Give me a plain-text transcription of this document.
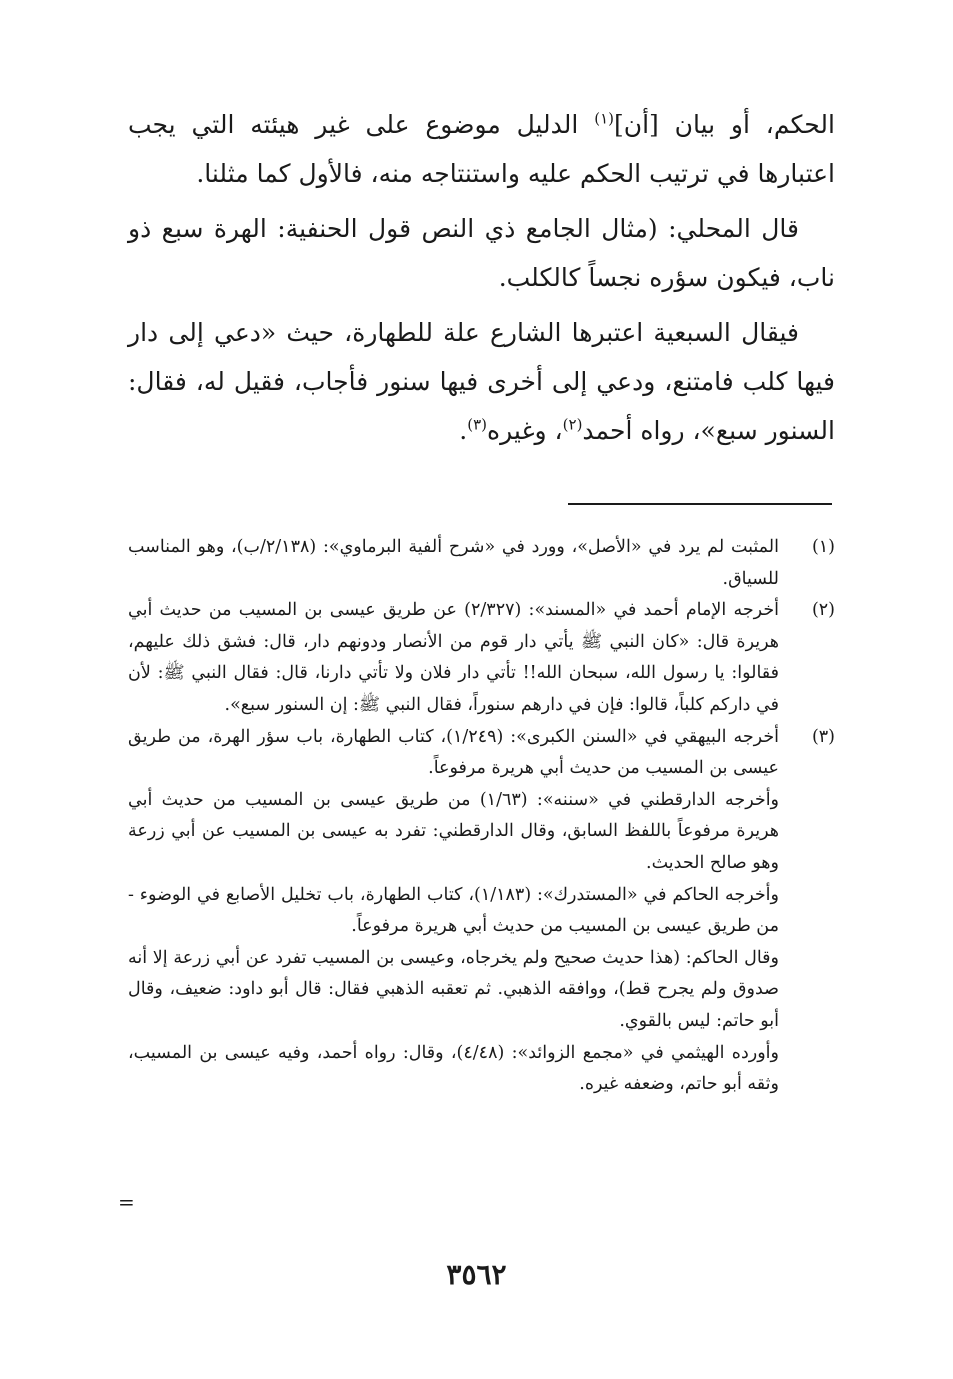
الحكم، أو بيان [أن]$^{(١)}$ الدليل موضوع على غير هيئته التي يجب اعتبارها في ترتيب الحكم عليه واستنتاجه منه، فالأول كما مثلنا.

قال المحلي: (مثال الجامع ذي النص قول الحنفية: الهرة سبع ذو ناب، فيكون سؤره نجساً كالكلب.

فيقال السبعية اعتبرها الشارع علة للطهارة، حيث «دعي إلى دار فيها كلب فامتنع، ودعي إلى أخرى فيها سنور فأجاب، فقيل له، فقال: السنور سبع»، رواه أحمد$^{(٢)}$، وغيره$^{(٣)}$.

(١)

المثبت لم يرد في «الأصل»، وورد في «شرح ألفية البرماوي»: (٢/١٣٨/ب)، وهو المناسب للسياق.

(٢)

أخرجه الإمام أحمد في «المسند»: (٢/٣٢٧) عن طريق عيسى بن المسيب من حديث أبي هريرة قال: «كان النبي ﷺ يأتي دار قوم من الأنصار ودونهم دار، قال: فشق ذلك عليهم، فقالوا: يا رسول الله، سبحان الله!! تأتي دار فلان ولا تأتي دارنا، قال: فقال النبي ﷺ: لأن في داركم كلباً، قالوا: فإن في دارهم سنوراً، فقال النبي ﷺ: إن السنور سبع».

(٣)

أخرجه البيهقي في «السنن الكبرى»: (١/٢٤٩)، كتاب الطهارة، باب سؤر الهرة، من طريق عيسى بن المسيب من حديث أبي هريرة مرفوعاً.

وأخرجه الدارقطني في «سننه»: (١/٦٣) من طريق عيسى بن المسيب من حديث أبي هريرة مرفوعاً باللفظ السابق، وقال الدارقطني: تفرد به عيسى بن المسيب عن أبي زرعة وهو صالح الحديث.

وأخرجه الحاكم في «المستدرك»: (١/١٨٣)، كتاب الطهارة، باب تخليل الأصابع في الوضوء - من طريق عيسى بن المسيب من حديث أبي هريرة مرفوعاً.

وقال الحاكم: (هذا حديث صحيح ولم يخرجاه، وعيسى بن المسيب تفرد عن أبي زرعة إلا أنه صدوق ولم يجرح قط)، ووافقه الذهبي. ثم تعقبه الذهبي فقال: قال أبو داود: ضعيف، وقال أبو حاتم: ليس بالقوي.

وأورده الهيثمي في «مجمع الزوائد»: (٤/٤٨)، وقال: رواه أحمد، وفيه عيسى بن المسيب، وثقه أبو حاتم، وضعفه غيره.

=
٣٥٦٢
